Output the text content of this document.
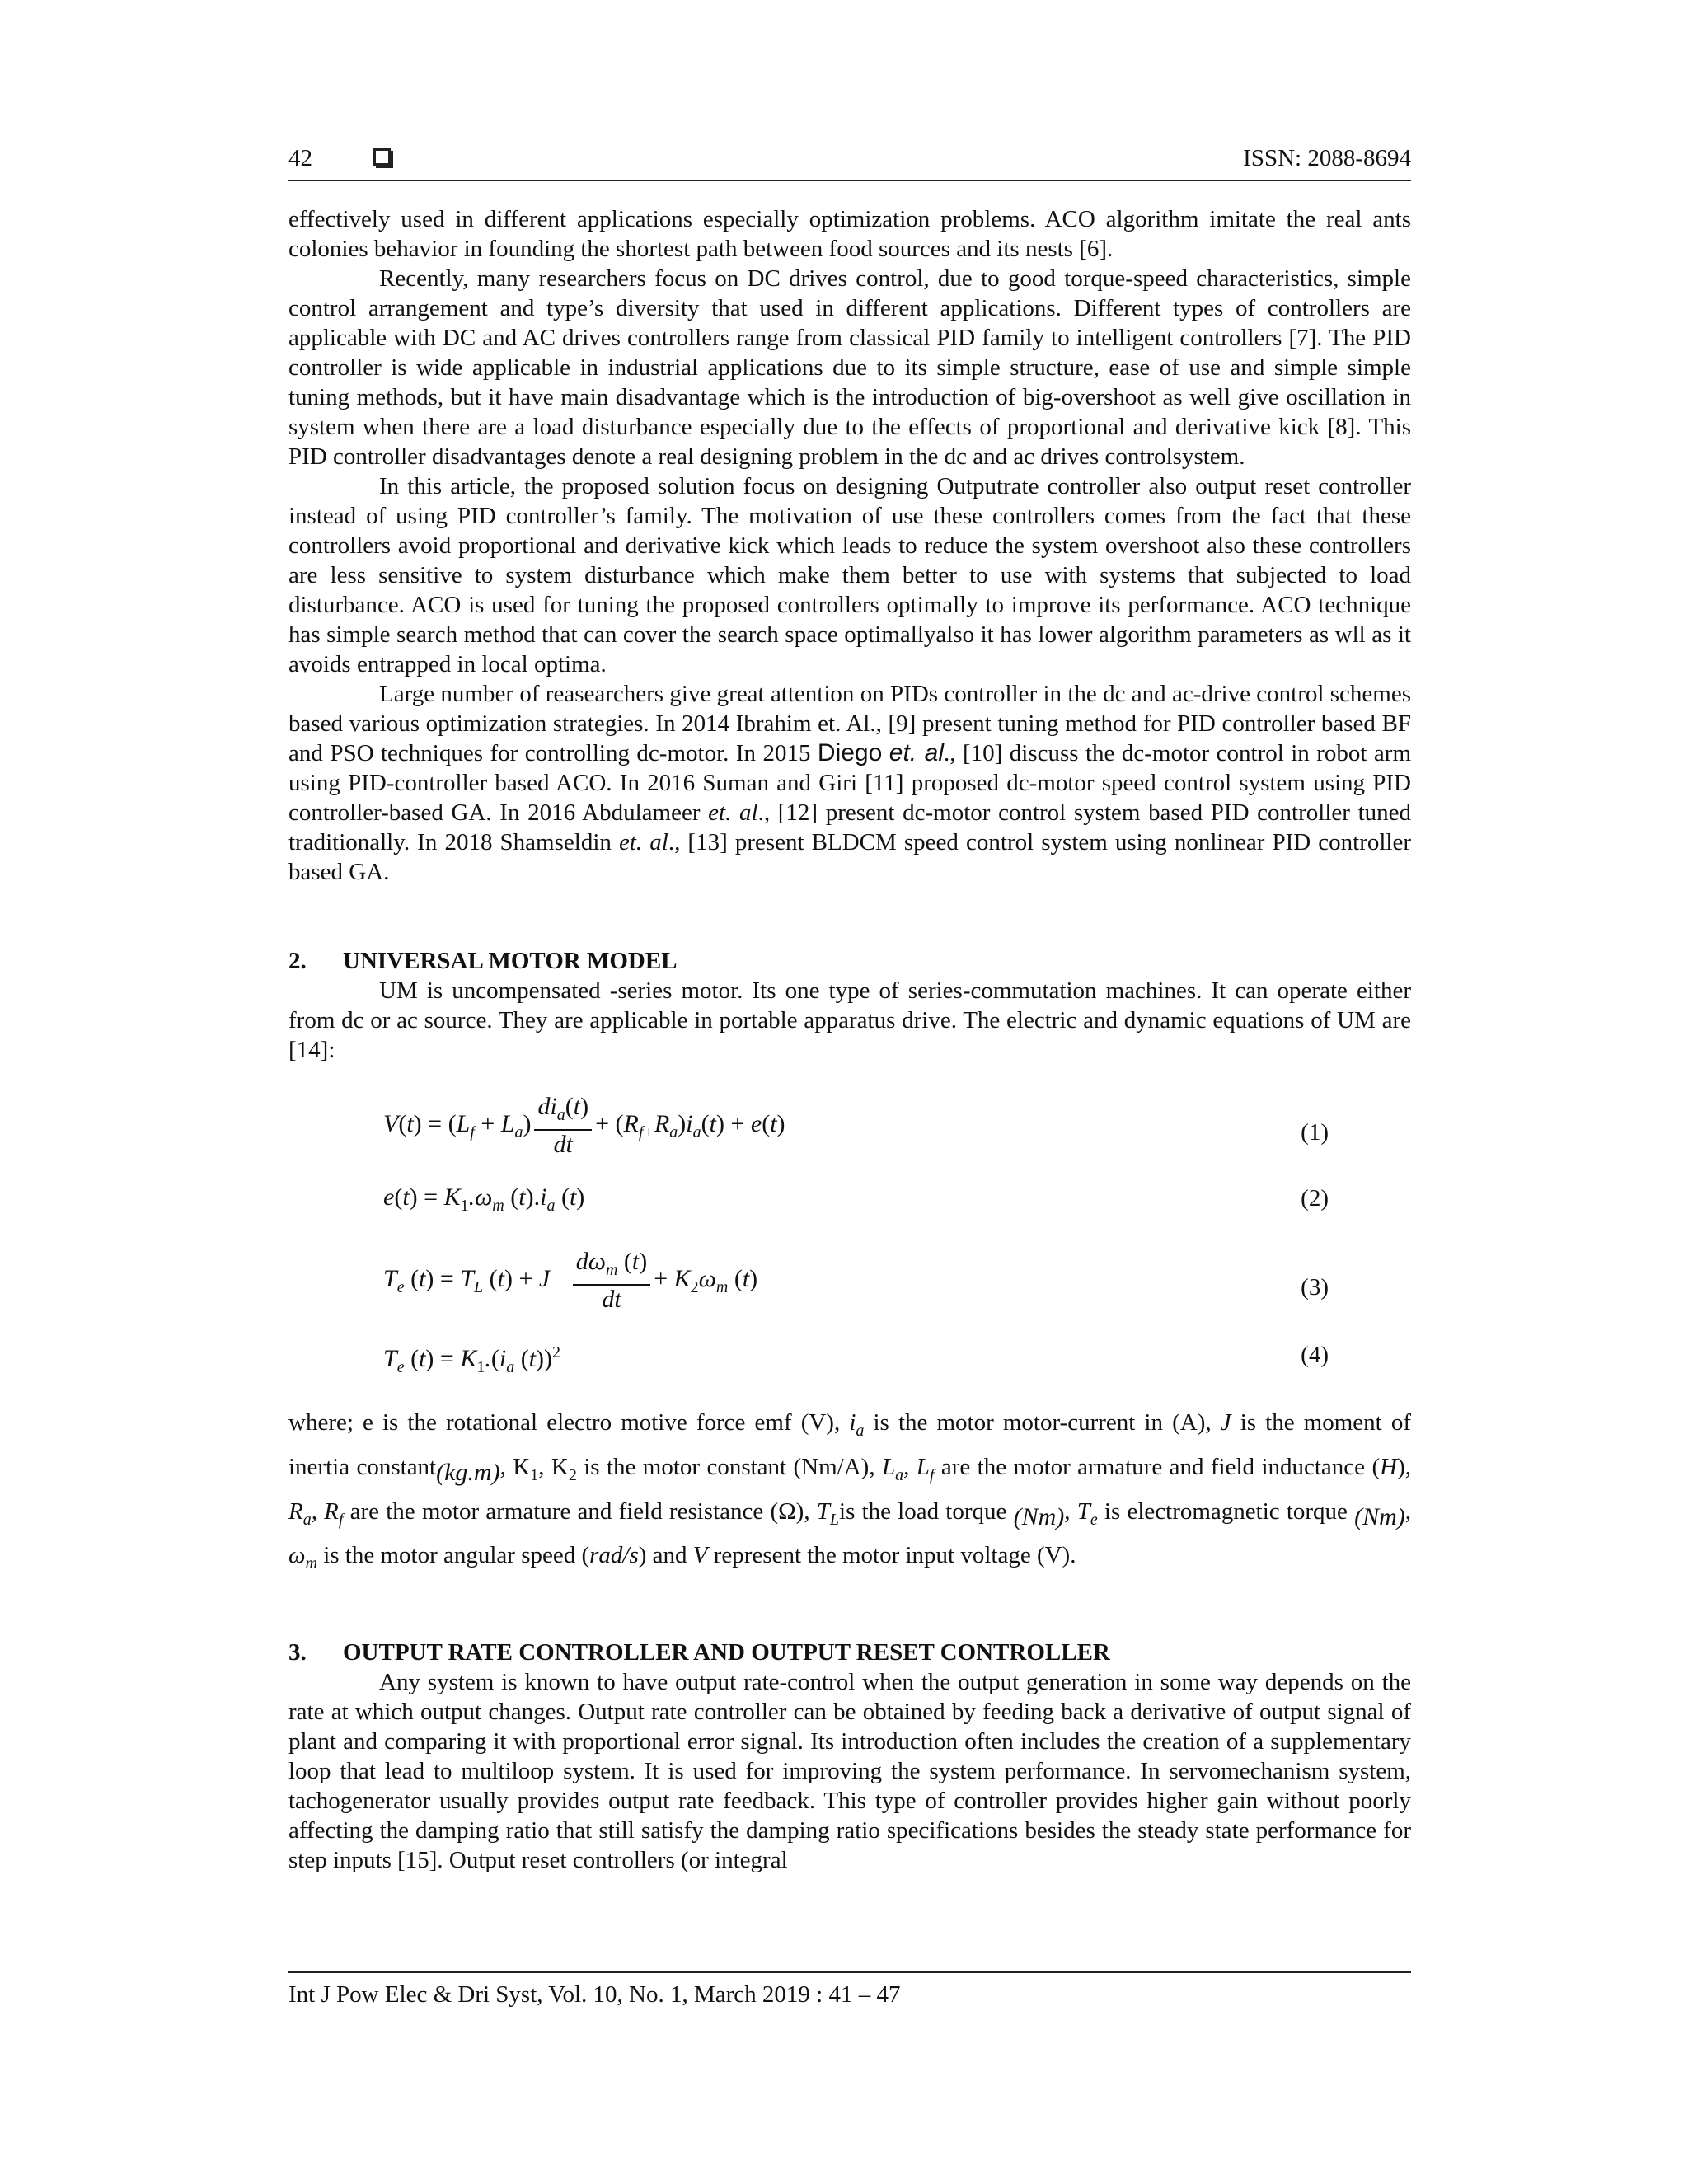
42	ISSN: 2088-8694

effectively used in different applications especially optimization problems. ACO algorithm imitate the real ants colonies behavior in founding the shortest path between food sources and its nests [6].

Recently, many researchers focus on DC drives control, due to good torque-speed characteristics, simple control arrangement and type’s diversity that used in different applications. Different types of controllers are applicable with DC and AC drives controllers range from classical PID family to intelligent controllers [7]. The PID controller is wide applicable in industrial applications due to its simple structure, ease of use and simple simple tuning methods, but it have main disadvantage which is the introduction of big-overshoot as well give oscillation in system when there are a load disturbance especially due to the effects of proportional and derivative kick [8]. This PID controller disadvantages denote a real designing problem in the dc and ac drives controlsystem.

In this article, the proposed solution focus on designing Outputrate controller also output reset controller instead of using PID controller’s family. The motivation of use these controllers comes from the fact that these controllers avoid proportional and derivative kick which leads to reduce the system overshoot also these controllers are less sensitive to system disturbance which make them better to use with systems that subjected to load disturbance. ACO is used for tuning the proposed controllers optimally to improve its performance. ACO technique has simple search method that can cover the search space optimallyalso it has lower algorithm parameters as wll as it avoids entrapped in local optima.

Large number of reasearchers give great attention on PIDs controller in the dc and ac-drive control schemes based various optimization strategies. In 2014 Ibrahim et. Al., [9] present tuning method for PID controller based BF and PSO techniques for controlling dc-motor. In 2015 Diego et. al., [10] discuss the dc-motor control in robot arm using PID-controller based ACO. In 2016 Suman and Giri [11] proposed dc-motor speed control system using PID controller-based GA. In 2016 Abdulameer et. al., [12] present dc-motor control system based PID controller tuned traditionally. In 2018 Shamseldin et. al., [13] present BLDCM speed control system using nonlinear PID controller based GA.

2. UNIVERSAL MOTOR MODEL

UM is uncompensated -series motor. Its one type of series-commutation machines. It can operate either from dc or ac source. They are applicable in portable apparatus drive. The electric and dynamic equations of UM are [14]:

$V(t) = (L_f + L_a) \frac{di_a(t)}{dt} + (R_{f+}R_a)i_a(t) + e(t)$	(1)
$e(t) = K_1.\omega_m$ $(t).i_a$ (t)	(2)
$T_e$ $(t) = T_L$ (t) + J $\frac{d\omega_m (t)}{dt} + K_2\omega_m$ (t)	(3)
$T_e$ $(t) = K_1.(i_a$ (t))$^2$	(4)

where; e is the rotational electro motive force emf (V), $i_a$ is the motor motor-current in (A), J is the moment of inertia constant$_{(kg.m)}$, $K_1$, $K_2$ is the motor constant (Nm/A), $L_a$, $L_f$ are the motor armature and field inductance (H), $R_a$, $R_f$ are the motor armature and field resistance (Ω), $T_Lis$ the load torque $_{(Nm)}$, $T_e$ is electromagnetic torque $_{(Nm)}$, $\omega_m$ is the motor angular speed (rad/s) and V represent the motor input voltage (V).

3. OUTPUT RATE CONTROLLER AND OUTPUT RESET CONTROLLER

Any system is known to have output rate-control when the output generation in some way depends on the rate at which output changes. Output rate controller can be obtained by feeding back a derivative of output signal of plant and comparing it with proportional error signal. Its introduction often includes the creation of a supplementary loop that lead to multiloop system. It is used for improving the system performance. In servomechanism system, tachogenerator usually provides output rate feedback. This type of controller provides higher gain without poorly affecting the damping ratio that still satisfy the damping ratio specifications besides the steady state performance for step inputs [15]. Output reset controllers (or integral

Int J Pow Elec & Dri Syst, Vol. 10, No. 1, March 2019 : 41 – 47
